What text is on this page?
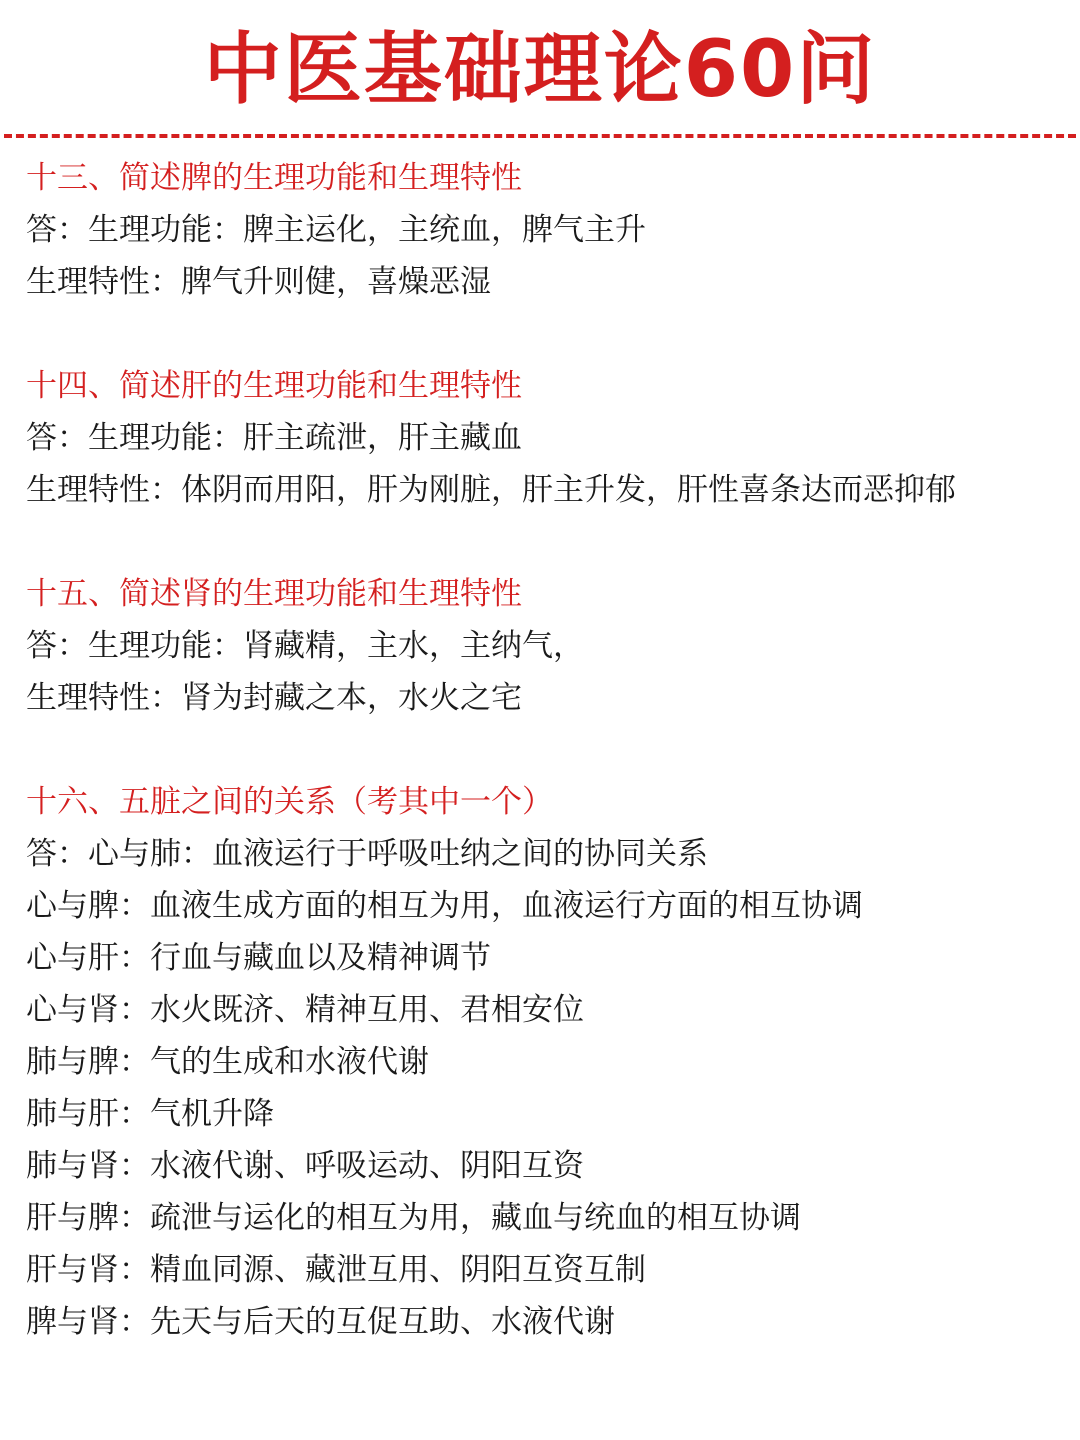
中医基础理论60问
十三、简述脾的生理功能和生理特性
答：生理功能：脾主运化，主统血，脾气主升
生理特性：脾气升则健，喜燥恶湿
十四、简述肝的生理功能和生理特性
答：生理功能：肝主疏泄，肝主藏血
生理特性：体阴而用阳，肝为刚脏，肝主升发，肝性喜条达而恶抑郁
十五、简述肾的生理功能和生理特性
答：生理功能：肾藏精，主水，主纳气，
生理特性：肾为封藏之本，水火之宅
十六、五脏之间的关系（考其中一个）
答：心与肺：血液运行于呼吸吐纳之间的协同关系
心与脾：血液生成方面的相互为用，血液运行方面的相互协调
心与肝：行血与藏血以及精神调节
心与肾：水火既济、精神互用、君相安位
肺与脾：气的生成和水液代谢
肺与肝：气机升降
肺与肾：水液代谢、呼吸运动、阴阳互资
肝与脾：疏泄与运化的相互为用，藏血与统血的相互协调
肝与肾：精血同源、藏泄互用、阴阳互资互制
脾与肾：先天与后天的互促互助、水液代谢
